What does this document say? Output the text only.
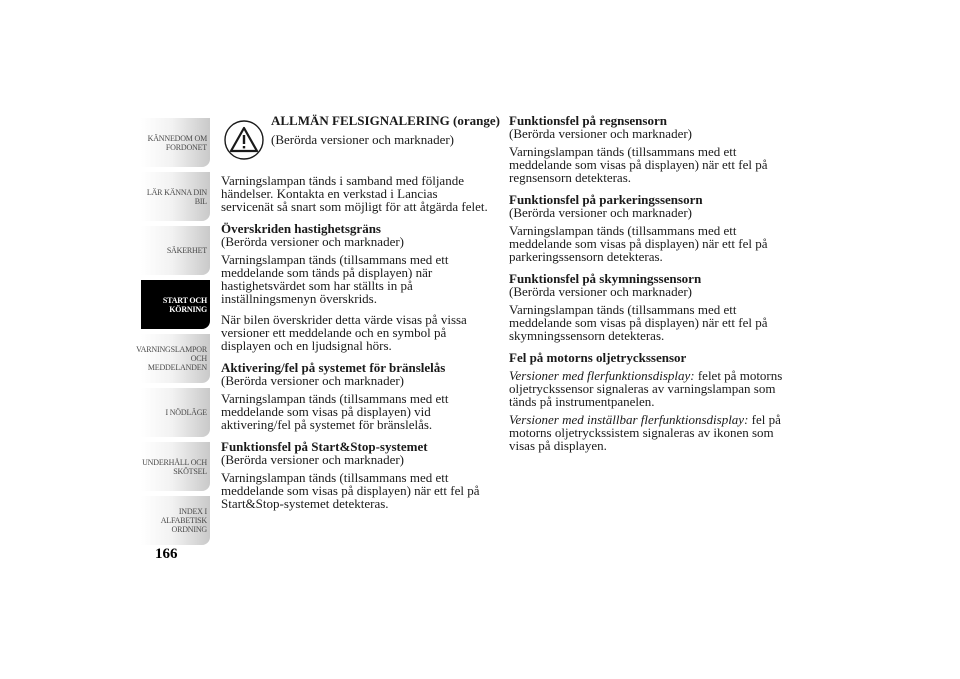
KÄNNEDOM OM
FORDONET
LÄR KÄNNA DIN
BIL
SÄKERHET
START OCH
KÖRNING
VARNINGSLAMPOR
OCH
MEDDELANDEN
I NÖDLÄGE
UNDERHÅLL OCH
SKÖTSEL
INDEX I
ALFABETISK
ORDNING
166
ALLMÄN FELSIGNALERING (orange)
(Berörda versioner och marknader)

Varningslampan tänds i samband med följande händelser. Kontakta en verkstad i Lancias servicenät så snart som möjligt för att åtgärda felet.

Överskriden hastighetsgräns
(Berörda versioner och marknader)

Varningslampan tänds (tillsammans med ett meddelande som tänds på displayen) när hastighetsvärdet som har ställts in på inställningsmenyn överskrids.

När bilen överskrider detta värde visas på vissa versioner ett meddelande och en symbol på displayen och en ljudsignal hörs.

Aktivering/fel på systemet för bränslelås
(Berörda versioner och marknader)

Varningslampan tänds (tillsammans med ett meddelande som visas på displayen) vid aktivering/fel på systemet för bränslelås.

Funktionsfel på Start&Stop-systemet
(Berörda versioner och marknader)

Varningslampan tänds (tillsammans med ett meddelande som visas på displayen) när ett fel på Start&Stop-systemet detekteras.

Funktionsfel på regnsensorn
(Berörda versioner och marknader)

Varningslampan tänds (tillsammans med ett meddelande som visas på displayen) när ett fel på regnsensorn detekteras.

Funktionsfel på parkeringssensorn
(Berörda versioner och marknader)

Varningslampan tänds (tillsammans med ett meddelande som visas på displayen) när ett fel på parkeringssensorn detekteras.

Funktionsfel på skymningssensorn
(Berörda versioner och marknader)

Varningslampan tänds (tillsammans med ett meddelande som visas på displayen) när ett fel på skymningssensorn detekteras.

Fel på motorns oljetryckssensor

Versioner med flerfunktionsdisplay: felet på motorns oljetryckssensor signaleras av varningslampan som tänds på instrumentpanelen.

Versioner med inställbar flerfunktionsdisplay: fel på motorns oljetryckssistem signaleras av ikonen som visas på displayen.
